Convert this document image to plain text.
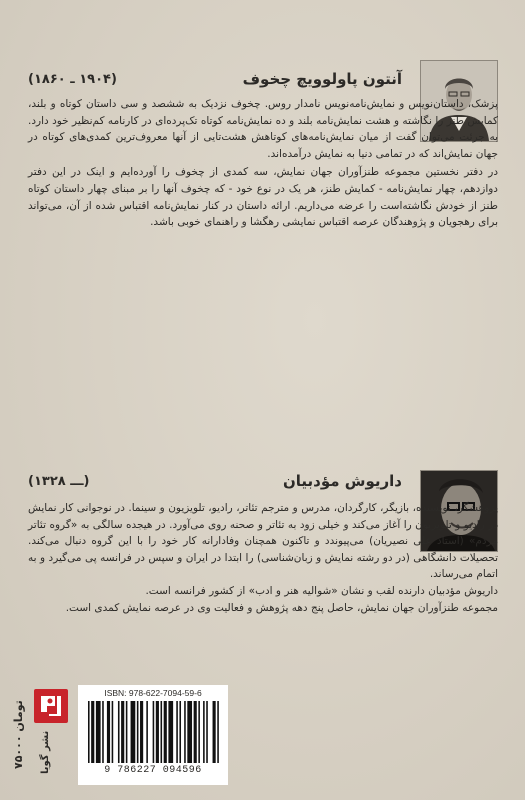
آنتون پاولوویچ چخوف
(۱۹۰۴ ـ ۱۸۶۰)

پزشک، داستان‌نویس و نمایش‌نامه‌نویس نامدار روس. چخوف نزدیک به ششصد و سی داستان کوتاه و بلند، کمایش طنز را نگاشته و هشت نمایش‌نامه بلند و ده نمایش‌نامه کوتاه تک‌پرده‌ای در کارنامه کم‌نظیر خود دارد. به جرئت می‌توان گفت از میان نمایش‌نامه‌های کوتاهش هشت‌تایی از آنها معروف‌ترین کمدی‌های کوتاه در جهان نمایش‌اند که در تمامی دنیا به نمایش درآمده‌اند.

در دفتر نخستین مجموعه طنزآوران جهان نمایش، سه کمدی از چخوف را آورده‌ایم و اینک در این دفتر دوازدهم، چهار نمایش‌نامه - کمایش طنز، هر یک در نوع خود - که چخوف آنها را بر مبنای چهار داستان کوتاه طنز از خودش نگاشته‌است را عرضه می‌داریم. ارائه داستان در کنار نمایش‌نامه اقتباس شده از آن، می‌تواند برای رهجویان و پژوهندگان عرصه اقتباس نمایشی رهگشا و راهنمای خوبی باشد.

داریوش مؤدبیان
(ـــ ۱۳۲۸)

پژوهشگر، نویسنده، بازیگر، کارگردان، مدرس و مترجم تئاتر، رادیو، تلویزیون و سینما. در نوجوانی کار نمایش در رادیو و تلویزیون را آغاز می‌کند و خیلی زود به تئاتر و صحنه روی می‌آورد. در هیجده سالگی به «گروه تئاتر مردم» (استاد علی نصیریان) می‌پیوندد و تاکنون همچنان وفادارانه کار خود را با این گروه دنبال می‌کند. تحصیلات دانشگاهی (در دو رشته نمایش و زبان‌شناسی) را ابتدا در ایران و سپس در فرانسه پی می‌گیرد و به اتمام می‌رساند.

داریوش مؤدبیان دارنده لقب و نشان «شوالیه هنر و ادب» از کشور فرانسه است.

مجموعه طنزآوران جهان نمایش، حاصل پنج دهه پژوهش و فعالیت وی در عرصه نمایش کمدی است.

۷۵۰۰۰ تومان
نشر گویا
ISBN: 978-622-7094-59-6
9 786227 094596
